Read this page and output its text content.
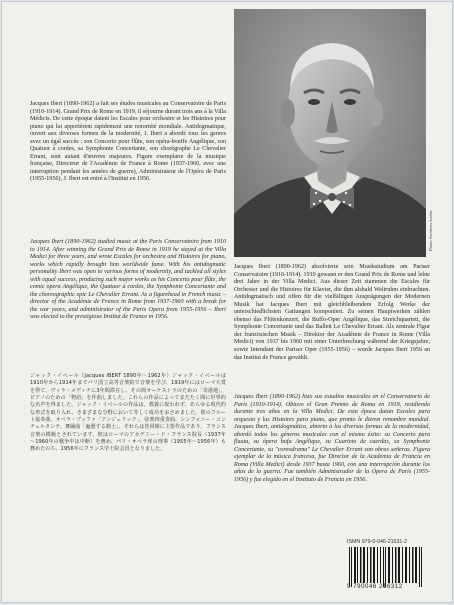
Photo Archives Leduc

Jacques Ibert (1890-1962) a fait ses études musicales au Conservatoire de Paris (1910-1914). Grand Prix de Rome en 1919, il séjourne durant trois ans à la Villa Médicis. De cette époque datent les Escales pour orchestre et les Histoires pour piano qui lui apportèrent rapidement une notoriété mondiale. Antidogmatique, ouvert aux diverses formes de la modernité, J. Ibert a abordé tous les genres avec un égal succès : son Concerto pour flûte, son opéra-bouffe Angélique, son Quatuor à cordes, sa Symphonie Concertante, son chorégraphe Le Chevalier Errant, sont autant d'œuvres majeures. Figure exemplaire de la musique française, Directeur de l'Académie de France à Rome (1937-1960, avec une interruption pendant les années de guerre), Administrateur de l'Opéra de Paris (1955-1956), J. Ibert est entré à l'Institut en 1956.

Jacques Ibert (1890-1962) studied music at the Paris Conservatoire from 1910 to 1914. After winning the Grand Prix de Rome in 1919 he stayed at the Villa Medici for three years, and wrote Escales for orchestra and Histoires for piano, works which rapidly brought him worldwide fame. With his antidogmatic personality Ibert was open to various forms of modernity, and tackled all styles with equal success, producing such major works as his Concerto pour flûte, the comic opera Angélique, the Quatuor à cordes, the Symphonie Concertante and the choreographic epic Le Chevalier Errant. As a figurehead in French music – director of the Académie de France in Rome from 1937-1960 with a break for the war years, and administrator of the Paris Opera from 1955-1956 – Ibert was elected to the prestigious Institut de France in 1956.

ジャック・イベール（Jacques IBERT 1890年～1962年）ジャック・イベールは1910年から1914年までパリ国立高等音楽院で音楽を学び、1919年にはローマ大賞を得て、ヴィラ・メディチに3年間滞在し、その間オーケストラのための「寄港地」、ピアノのための「物語」を作曲しました。これらの作品によってまたたく間に世界的な名声を得ました。ジャック・イベールの作品は、教義に捉われず、あらゆる現代的な形式を取り入れ、さまざまな分野において等しく成功をおさめました。彼のフルート協奏曲、オペラ・ブッファ「アンジェリック」、弦楽四重奏曲、シンフォニー・コンチェルタンテ、舞踊曲「遍歴する騎士」、それらは皆同様に主要作品であり、フランス音楽の模範とされています。彼はローマのアカデミー・ド・フランス院長（1937年～1960年の戦争中は中断）を務め、パリ・オペラ座の理事（1955年～1956年）も務めたのち、1956年にフランス学士院会員となりました。

Jacques Ibert (1890-1962) absolvierte sein Musikstudium am Pariser Conservatoire (1910-1914). 1919 gewann er den Grand Prix de Rome und lebte drei Jahre in der Villa Medici. Aus dieser Zeit stammen die Escales für Orchester und die Histoires für Klavier, die ihm alsbald Weltruhm einbrachten. Antidogmatisch und offen für die vielfältigen Ausprägungen der Modernen Musik hat Jacques Ibert mit gleichbleibendem Erfolg Werke der unterschiedlichsten Gattungen komponiert. Zu seinen Hauptwerken zählen ebenso das Flötenkonzert, die Buffo-Oper Angélique, das Streichquartett, die Symphonie Concertante und das Ballett Le Chevalier Errant. Als zentrale Figur der französischen Musik – Direktor der Académie de France in Rome (Villa Medici) von 1937 bis 1960 mit einer Unterbrechung während der Kriegsjahre, sowie Intendant der Pariser Oper (1955-1956) – wurde Jacques Ibert 1956 an das Institut de France gewählt.

Jacques Ibert (1890-1962) hizo sus estudios musicales en el Conservatorio de París (1910-1914). Obtuvo el Gran Premio de Roma en 1919, residiendo durante tres años en la Villa Medici. De esta época datan Escales para orquesta y las Histoires para piano, que pronto le dieron renombre mundial. Jacques Ibert, antidogmático, abierto a las diversas formas de la modernidad, abordó todos los géneros musicales con el mismo éxito: su Concerto para flauta, su ópera bufa Angélique, su Cuarteto de cuerdas, su Symphonie Concertante, su "coreodrama" Le Chevalier Errant son obras señeras. Figura ejemplar de la música francesa, fue Director de la Academia de Francia en Roma (Villa Medici) desde 1937 hasta 1960, con una interrupción durante los años de la guerra. Fue también Administrador de la Ópera de París (1955-1956) y fue elegido en el Instituto de Francia en 1956.

ISMN 979-0-046-21631-2
9 790046 216312
